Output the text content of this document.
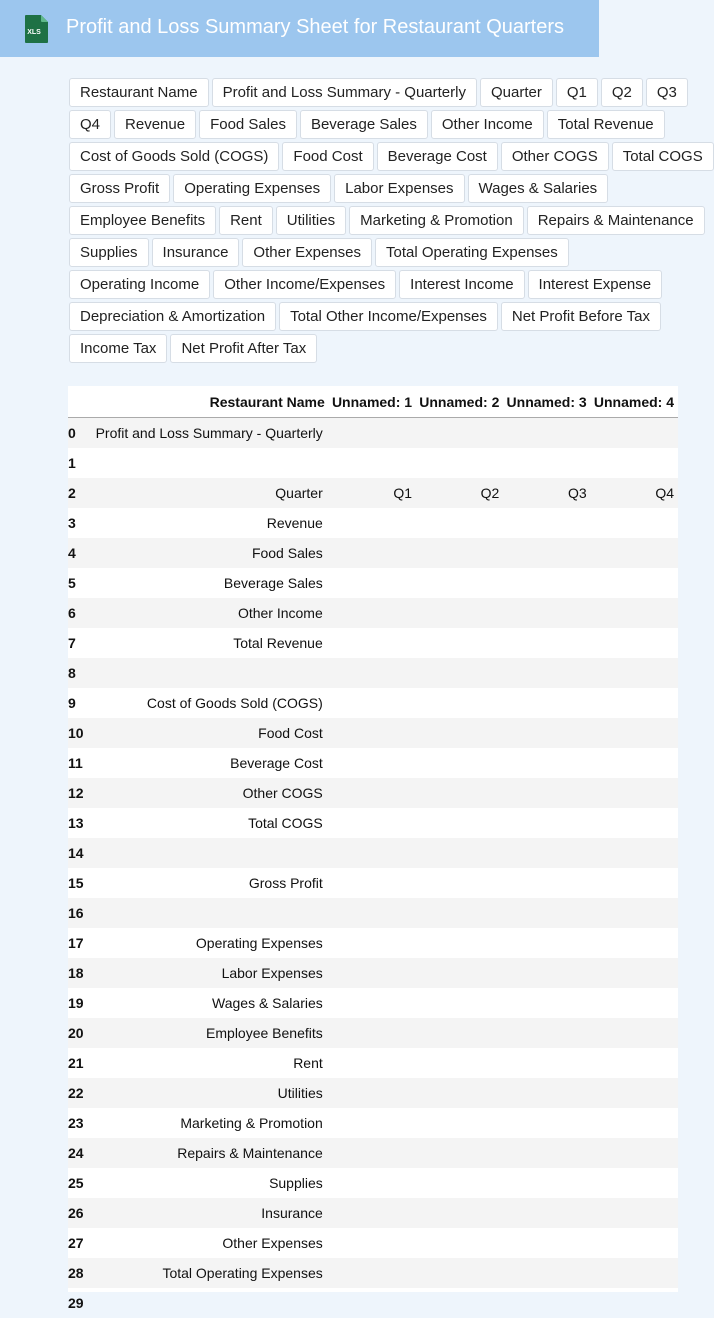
XLS Profit and Loss Summary Sheet for Restaurant Quarters
Restaurant Name	Profit and Loss Summary - Quarterly	Quarter	Q1	Q2	Q3
Q4	Revenue	Food Sales	Beverage Sales	Other Income	Total Revenue
Cost of Goods Sold (COGS)	Food Cost	Beverage Cost	Other COGS	Total COGS
Gross Profit	Operating Expenses	Labor Expenses	Wages & Salaries
Employee Benefits	Rent	Utilities	Marketing & Promotion	Repairs & Maintenance
Supplies	Insurance	Other Expenses	Total Operating Expenses
Operating Income	Other Income/Expenses	Interest Income	Interest Expense
Depreciation & Amortization	Total Other Income/Expenses	Net Profit Before Tax
Income Tax	Net Profit After Tax
	Restaurant Name	Unnamed: 1	Unnamed: 2	Unnamed: 3	Unnamed: 4
0	Profit and Loss Summary - Quarterly				
1					
2	Quarter	Q1	Q2	Q3	Q4
3	Revenue				
4	Food Sales				
5	Beverage Sales				
6	Other Income				
7	Total Revenue				
8					
9	Cost of Goods Sold (COGS)				
10	Food Cost				
11	Beverage Cost				
12	Other COGS				
13	Total COGS				
14					
15	Gross Profit				
16					
17	Operating Expenses				
18	Labor Expenses				
19	Wages & Salaries				
20	Employee Benefits				
21	Rent				
22	Utilities				
23	Marketing & Promotion				
24	Repairs & Maintenance				
25	Supplies				
26	Insurance				
27	Other Expenses				
28	Total Operating Expenses				
29					
